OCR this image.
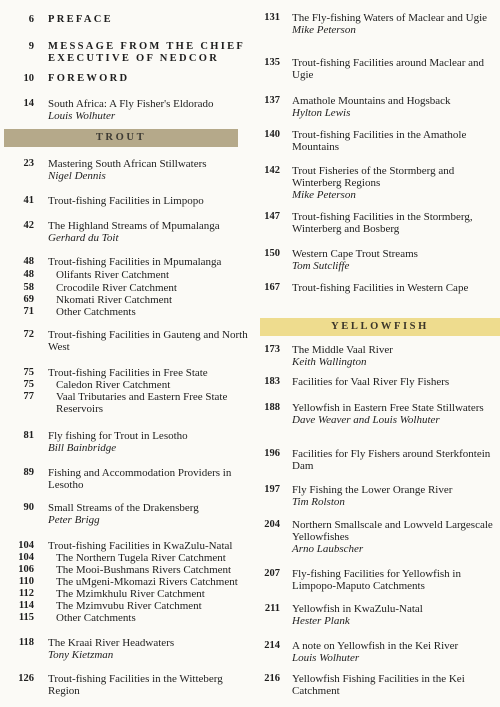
6 PREFACE
9 MESSAGE FROM THE CHIEF EXECUTIVE OF NEDCOR
10 FOREWORD
14 South Africa: A Fly Fisher's Eldorado
Louis Wolhuter
TROUT
23 Mastering South African Stillwaters
Nigel Dennis
41 Trout-fishing Facilities in Limpopo
42 The Highland Streams of Mpumalanga
Gerhard du Toit
48 Trout-fishing Facilities in Mpumalanga
48 Olifants River Catchment
58 Crocodile River Catchment
69 Nkomati River Catchment
71 Other Catchments
72 Trout-fishing Facilities in Gauteng and North West
75 Trout-fishing Facilities in Free State
75 Caledon River Catchment
77 Vaal Tributaries and Eastern Free State Reservoirs
81 Fly fishing for Trout in Lesotho
Bill Bainbridge
89 Fishing and Accommodation Providers in Lesotho
90 Small Streams of the Drakensberg
Peter Brigg
104 Trout-fishing Facilities in KwaZulu-Natal
104 The Northern Tugela River Catchment
106 The Mooi-Bushmans Rivers Catchment
110 The uMgeni-Mkomazi Rivers Catchment
112 The Mzimkhulu River Catchment
114 The Mzimvubu River Catchment
115 Other Catchments
118 The Kraai River Headwaters
Tony Kietzman
126 Trout-fishing Facilities in the Witteberg Region
131 The Fly-fishing Waters of Maclear and Ugie
Mike Peterson
135 Trout-fishing Facilities around Maclear and Ugie
137 Amathole Mountains and Hogsback
Hylton Lewis
140 Trout-fishing Facilities in the Amathole Mountains
142 Trout Fisheries of the Stormberg and Winterberg Regions
Mike Peterson
147 Trout-fishing Facilities in the Stormberg, Winterberg and Bosberg
150 Western Cape Trout Streams
Tom Sutcliffe
167 Trout-fishing Facilities in Western Cape
YELLOWFISH
173 The Middle Vaal River
Keith Wallington
183 Facilities for Vaal River Fly Fishers
188 Yellowfish in Eastern Free State Stillwaters
Dave Weaver and Louis Wolhuter
196 Facilities for Fly Fishers around Sterkfontein Dam
197 Fly Fishing the Lower Orange River
Tim Rolston
204 Northern Smallscale and Lowveld Largescale Yellowfishes
Arno Laubscher
207 Fly-fishing Facilities for Yellowfish in Limpopo-Maputo Catchments
211 Yellowfish in KwaZulu-Natal
Hester Plank
214 A note on Yellowfish in the Kei River
Louis Wolhuter
216 Yellowfish Fishing Facilities in the Kei Catchment
